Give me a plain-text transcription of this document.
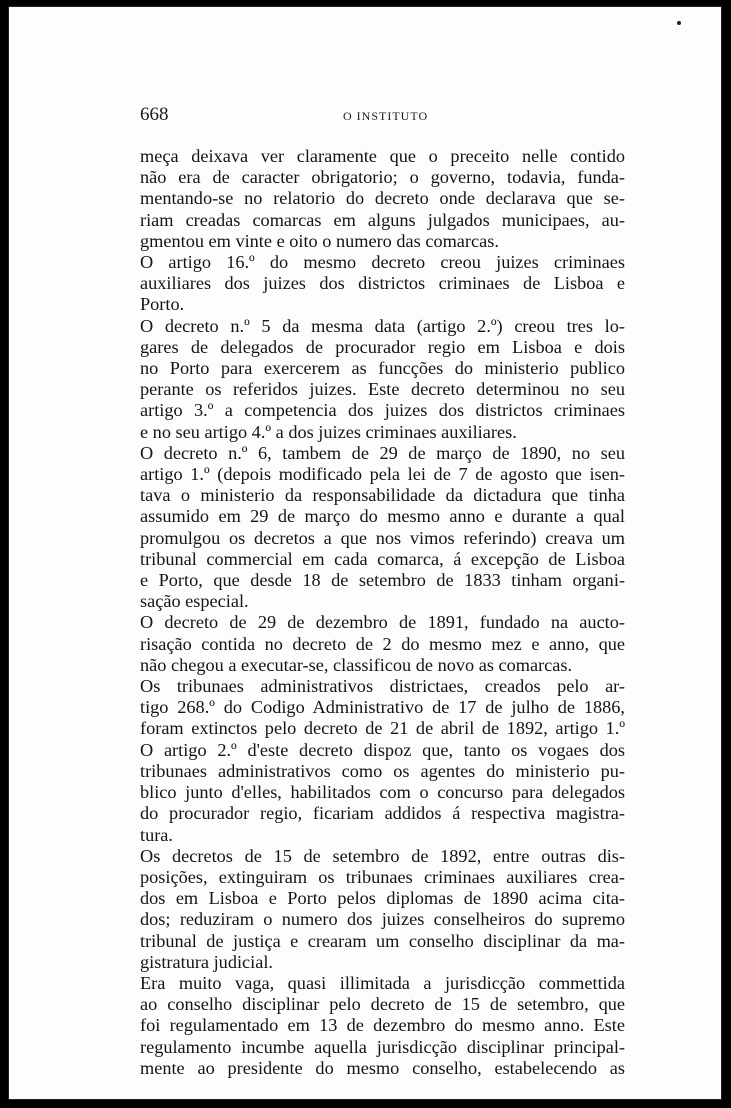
668	O INSTITUTO
meça deixava ver claramente que o preceito nelle contido
não era de caracter obrigatorio; o governo, todavia, funda-
mentando-se no relatorio do decreto onde declarava que se-
riam creadas comarcas em alguns julgados municipaes, au-
gmentou em vinte e oito o numero das comarcas.
O artigo 16.º do mesmo decreto creou juizes criminaes
auxiliares dos juizes dos districtos criminaes de Lisboa e
Porto.
O decreto n.º 5 da mesma data (artigo 2.º) creou tres lo-
gares de delegados de procurador regio em Lisboa e dois
no Porto para exercerem as funcções do ministerio publico
perante os referidos juizes. Este decreto determinou no seu
artigo 3.º a competencia dos juizes dos districtos criminaes
e no seu artigo 4.º a dos juizes criminaes auxiliares.
O decreto n.º 6, tambem de 29 de março de 1890, no seu
artigo 1.º (depois modificado pela lei de 7 de agosto que isen-
tava o ministerio da responsabilidade da dictadura que tinha
assumido em 29 de março do mesmo anno e durante a qual
promulgou os decretos a que nos vimos referindo) creava um
tribunal commercial em cada comarca, á excepção de Lisboa
e Porto, que desde 18 de setembro de 1833 tinham organi-
sação especial.
O decreto de 29 de dezembro de 1891, fundado na aucto-
risação contida no decreto de 2 do mesmo mez e anno, que
não chegou a executar-se, classificou de novo as comarcas.
Os tribunaes administrativos districtaes, creados pelo ar-
tigo 268.º do Codigo Administrativo de 17 de julho de 1886,
foram extinctos pelo decreto de 21 de abril de 1892, artigo 1.º
O artigo 2.º d'este decreto dispoz que, tanto os vogaes dos
tribunaes administrativos como os agentes do ministerio pu-
blico junto d'elles, habilitados com o concurso para delegados
do procurador regio, ficariam addidos á respectiva magistra-
tura.
Os decretos de 15 de setembro de 1892, entre outras dis-
posições, extinguiram os tribunaes criminaes auxiliares crea-
dos em Lisboa e Porto pelos diplomas de 1890 acima cita-
dos; reduziram o numero dos juizes conselheiros do supremo
tribunal de justiça e crearam um conselho disciplinar da ma-
gistratura judicial.
Era muito vaga, quasi illimitada a jurisdicção commettida
ao conselho disciplinar pelo decreto de 15 de setembro, que
foi regulamentado em 13 de dezembro do mesmo anno. Este
regulamento incumbe aquella jurisdicção disciplinar principal-
mente ao presidente do mesmo conselho, estabelecendo as
